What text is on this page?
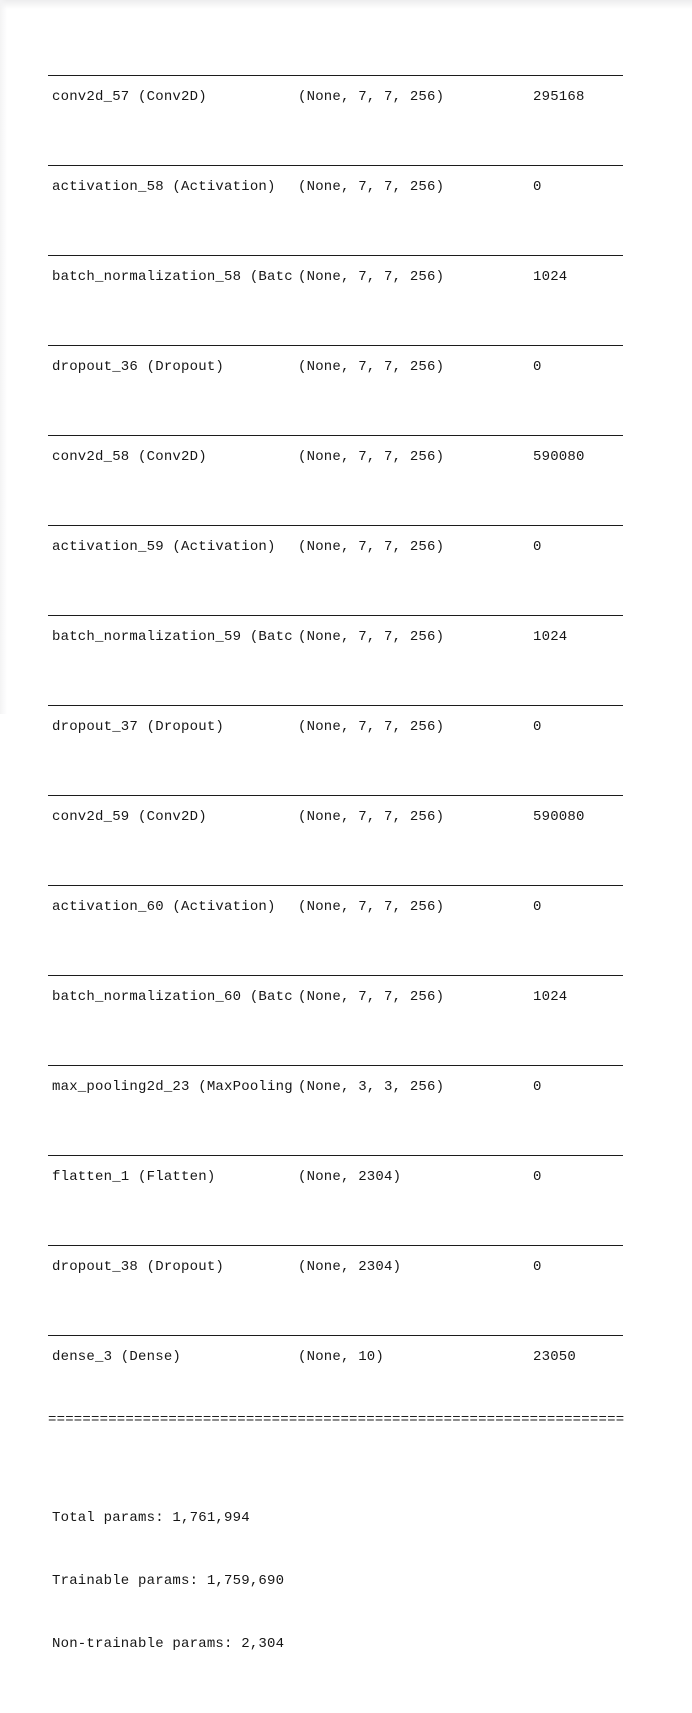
conv2d_57 (Conv2D)	(None, 7, 7, 256)	295168

activation_58 (Activation)	(None, 7, 7, 256)	0

batch_normalization_58 (Batc (None, 7, 7, 256)	1024

dropout_36 (Dropout)	(None, 7, 7, 256)	0

conv2d_58 (Conv2D)	(None, 7, 7, 256)	590080

activation_59 (Activation)	(None, 7, 7, 256)	0

batch_normalization_59 (Batc (None, 7, 7, 256)	1024

dropout_37 (Dropout)	(None, 7, 7, 256)	0

conv2d_59 (Conv2D)	(None, 7, 7, 256)	590080

activation_60 (Activation)	(None, 7, 7, 256)	0

batch_normalization_60 (Batc (None, 7, 7, 256)	1024

max_pooling2d_23 (MaxPooling (None, 3, 3, 256)	0

flatten_1 (Flatten)	(None, 2304)	0

dropout_38 (Dropout)	(None, 2304)	0

dense_3 (Dense)	(None, 10)	23050

===================================================================

Total params: 1,761,994

Trainable params: 1,759,690

Non-trainable params: 2,304
